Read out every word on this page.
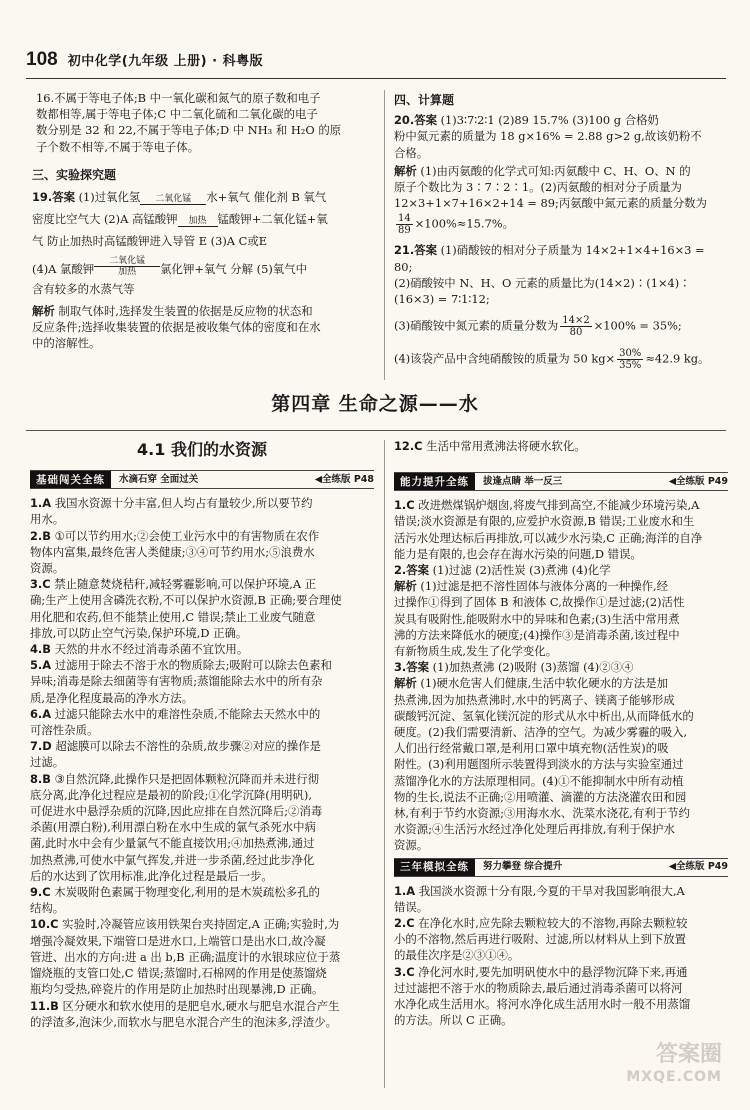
108 初中化学(九年级 上册) · 科粤版
16.不属于等电子体;B 中一氧化碳和氮气的原子数和电子
数都相等,属于等电子体;C 中二氧化硫和二氧化碳的电子
数分别是 32 和 22,不属于等电子体;D 中 NH₃ 和 H₂O 的原
子个数不相等,不属于等电子体。
三、实验探究题
19.答案 (1)过氧化氢	二氧化锰	水+氧气 催化剂 B 氧气
密度比空气大 (2)A 高锰酸钾	加热 锰酸钾+二氧化锰+氧
气 防止加热时高锰酸钾进入导管 E (3)A C或E
(4)A 氯酸钾
二氧化锰
加热	氯化钾+氧气 分解 (5)氧气中
含有较多的水蒸气等
解析 制取气体时,选择发生装置的依据是反应物的状态和
反应条件;选择收集装置的依据是被收集气体的密度和在水
中的溶解性。
四、计算题
20.答案 (1)3∶7∶2∶1 (2)89 15.7% (3)100 g 合格奶
粉中氮元素的质量为 18 g×16% = 2.88 g>2 g,故该奶粉不
合格。
解析 (1)由丙氨酸的化学式可知:丙氨酸中 C、H、O、N 的
原子个数比为 3∶7∶2∶1。(2)丙氨酸的相对分子质量为
12×3+1×7+16×2+14 = 89;丙氨酸中氮元素的质量分数为
$\frac{14}{89} \times 100\%\approx 15.7\%$。
21.答案 (1)硝酸铵的相对分子质量为 14×2+1×4+16×3 = 80;
(2)硝酸铵中 N、H、O 元素的质量比为(14×2)∶(1×4)∶
(16×3) = 7∶1∶12;
(3)硝酸铵中氮元素的质量分数为 $\frac{14\times 2}{80} \times 100\% = 35\%$;
(4)该袋产品中含纯硝酸铵的质量为 50 $kg\times \frac{30\%}{35\%} \approx 42.9$ kg。
第四章 生命之源——水
4.1 我们的水资源
基础闯关全练	水滴石穿 全面过关	◀全练版 P48
1.A 我国水资源十分丰富,但人均占有量较少,所以要节约
用水。
2.B ①可以节约用水;②会使工业污水中的有害物质在农作
物体内富集,最终危害人类健康;③④可节约用水;⑤浪费水
资源。
3.C 禁止随意焚烧秸秆,减轻雾霾影响,可以保护环境,A 正
确;生产上使用含磷洗衣粉,不可以保护水资源,B 正确;要合理使
用化肥和农药,但不能禁止使用,C 错误;禁止工业废气随意
排放,可以防止空气污染,保护环境,D 正确。
4.B 天然的井水不经过消毒杀菌不宜饮用。
5.A 过滤用于除去不溶于水的物质除去;吸附可以除去色素和
异味;消毒是除去细菌等有害物质;蒸馏能除去水中的所有杂
质,是净化程度最高的净水方法。
6.A 过滤只能除去水中的难溶性杂质,不能除去天然水中的
可溶性杂质。
7.D 超滤膜可以除去不溶性的杂质,故步骤②对应的操作是
过滤。
8.B ③自然沉降,此操作只是把固体颗粒沉降而并未进行彻
底分离,此净化过程应是最初的阶段;①化学沉降(用明矾),
可促进水中悬浮杂质的沉降,因此应排在自然沉降后;②消毒
杀菌(用漂白粉),利用漂白粉在水中生成的氯气杀死水中病
菌,此时水中会有少量氯气不能直接饮用;④加热煮沸,通过
加热煮沸,可使水中氯气挥发,并进一步杀菌,经过此步净化
后的水达到了饮用标准,此净化过程是最后一步。
9.C 木炭吸附色素属于物理变化,利用的是木炭疏松多孔的
结构。
10.C 实验时,冷凝管应该用铁架台夹持固定,A 正确;实验时,为
增强冷凝效果,下端管口是进水口,上端管口是出水口,故冷凝
管进、出水的方向:进 a 出 b,B 正确;温度计的水银球应位于蒸
馏烧瓶的支管口处,C 错误;蒸馏时,石棉网的作用是使蒸馏烧
瓶均匀受热,碎瓷片的作用是防止加热时出现暴沸,D 正确。
11.B 区分硬水和软水使用的是肥皂水,硬水与肥皂水混合产生
的浮渣多,泡沫少,而软水与肥皂水混合产生的泡沫多,浮渣少。
12.C 生活中常用煮沸法将硬水软化。
能力提升全练	拔逢点睛 举一反三	◀全练版 P49
1.C 改进燃煤锅炉烟囱,将废气排到高空,不能减少环境污染,A
错误;淡水资源是有限的,应爱护水资源,B 错误;工业废水和生
活污水处理达标后再排放,可以减少水污染,C 正确;海洋的自净
能力是有限的,也会存在海水污染的问题,D 错误。
2.答案 (1)过滤 (2)活性炭 (3)煮沸 (4)化学
解析 (1)过滤是把不溶性固体与液体分离的一种操作,经
过操作①得到了固体 B 和液体 C,故操作①是过滤;(2)活性
炭具有吸附性,能吸附水中的异味和色素;(3)生活中常用煮
沸的方法来降低水的硬度;(4)操作③是消毒杀菌,该过程中
有新物质生成,发生了化学变化。
3.答案 (1)加热煮沸 (2)吸附 (3)蒸馏 (4)②③④
解析 (1)硬水危害人们健康,生活中软化硬水的方法是加
热煮沸,因为加热煮沸时,水中的钙离子、镁离子能够形成
碳酸钙沉淀、氢氧化镁沉淀的形式从水中析出,从而降低水的
硬度。(2)我们需要清新、洁净的空气。为减少雾霾的吸入,
人们出行经常戴口罩,是利用口罩中填充物(活性炭)的吸
附性。(3)利用题图所示装置得到淡水的方法与实验室通过
蒸馏净化水的方法原理相同。(4)①不能抑制水中所有动植
物的生长,说法不正确;②用喷灌、滴灌的方法浇灌农田和园
林,有利于节约水资源;③用海水水、洗菜水浇花,有利于节约
水资源;④生活污水经过净化处理后再排放,有利于保护水
资源。
三年模拟全练	努力攀登 综合提升	◀全练版 P49
1.A 我国淡水资源十分有限,今夏的干旱对我国影响很大,A
错误。
2.C 在净化水时,应先除去颗粒较大的不溶物,再除去颗粒较
小的不溶物,然后再进行吸附、过滤,所以材料从上到下放置
的最佳次序是②③①④。
3.C 净化河水时,要先加明矾使水中的悬浮物沉降下来,再通
过过滤把不溶于水的物质除去,最后通过消毒杀菌可以将河
水净化成生活用水。将河水净化成生活用水时一般不用蒸馏
的方法。所以 C 正确。
答案圈
MXQE.COM
